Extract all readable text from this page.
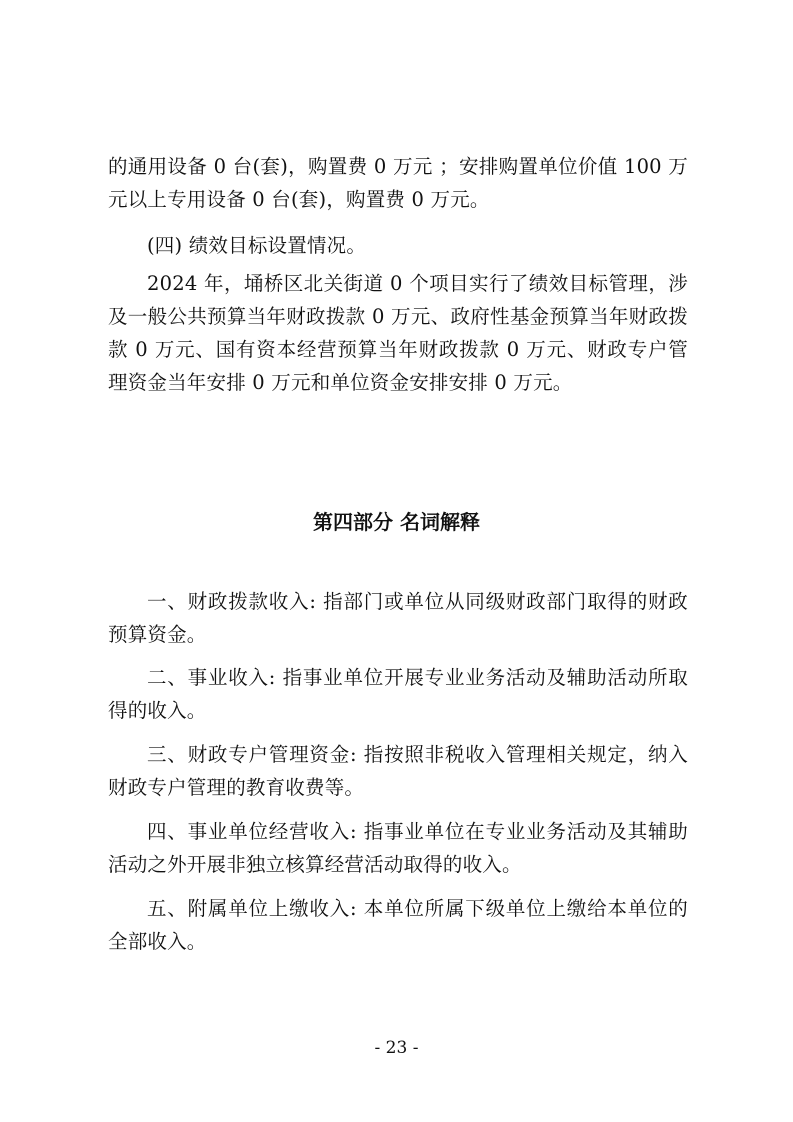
的通用设备 0 台(套)，购置费 0 万元 ；安排购置单位价值 100 万元以上专用设备 0 台(套)，购置费 0 万元。

(四) 绩效目标设置情况。

2024 年，埇桥区北关街道 0 个项目实行了绩效目标管理，涉及一般公共预算当年财政拨款 0 万元、政府性基金预算当年财政拨款 0 万元、国有资本经营预算当年财政拨款 0 万元、财政专户管理资金当年安排 0 万元和单位资金安排安排 0 万元。

第四部分 名词解释

一、财政拨款收入: 指部门或单位从同级财政部门取得的财政预算资金。

二、事业收入: 指事业单位开展专业业务活动及辅助活动所取得的收入。

三、财政专户管理资金: 指按照非税收入管理相关规定，纳入财政专户管理的教育收费等。

四、事业单位经营收入: 指事业单位在专业业务活动及其辅助活动之外开展非独立核算经营活动取得的收入。

五、附属单位上缴收入: 本单位所属下级单位上缴给本单位的全部收入。

- 23 -
